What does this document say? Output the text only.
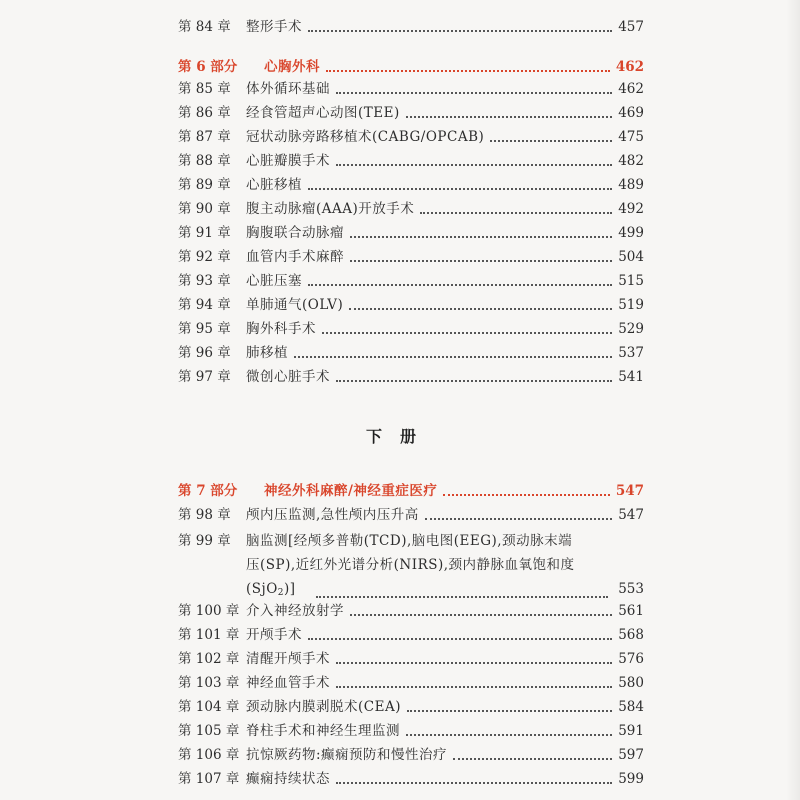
第 84 章	整形手术	457
第 6 部分	心胸外科	462
第 85 章	体外循环基础	462
第 86 章	经食管超声心动图(TEE)	469
第 87 章	冠状动脉旁路移植术(CABG/OPCAB)	475
第 88 章	心脏瓣膜手术	482
第 89 章	心脏移植	489
第 90 章	腹主动脉瘤(AAA)开放手术	492
第 91 章	胸腹联合动脉瘤	499
第 92 章	血管内手术麻醉	504
第 93 章	心脏压塞	515
第 94 章	单肺通气(OLV)	519
第 95 章	胸外科手术	529
第 96 章	肺移植	537
第 97 章	微创心脏手术	541
下册
第 7 部分	神经外科麻醉/神经重症医疗	547
第 98 章	颅内压监测,急性颅内压升高	547
第 99 章	脑监测[经颅多普勒(TCD),脑电图(EEG),颈动脉末端
压(SP),近红外光谱分析(NIRS),颈内静脉血氧饱和度
(SjO$_2$)]	553
第 100 章 介入神经放射学	561
第 101 章 开颅手术	568
第 102 章 清醒开颅手术	576
第 103 章 神经血管手术	580
第 104 章 颈动脉内膜剥脱术(CEA)	584
第 105 章 脊柱手术和神经生理监测	591
第 106 章 抗惊厥药物:癫痫预防和慢性治疗	597
第 107 章 癫痫持续状态	599
